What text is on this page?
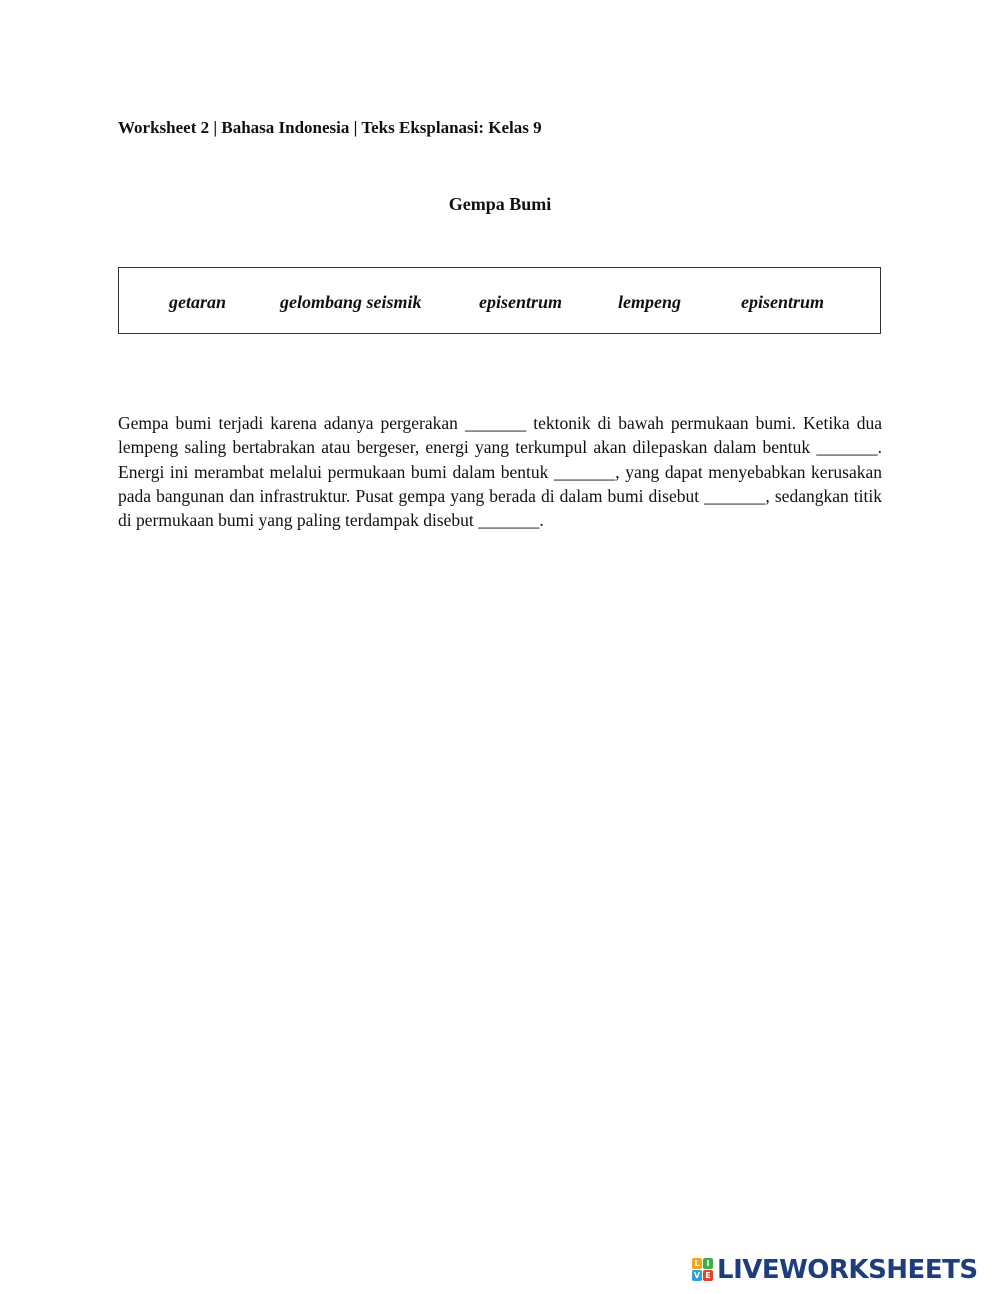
Worksheet 2 | Bahasa Indonesia | Teks Eksplanasi: Kelas 9
Gempa Bumi
getaran	gelombang seismik	episentrum	lempeng	episentrum
Gempa bumi terjadi karena adanya pergerakan _______ tektonik di bawah permukaan bumi. Ketika dua lempeng saling bertabrakan atau bergeser, energi yang terkumpul akan dilepaskan dalam bentuk _______. Energi ini merambat melalui permukaan bumi dalam bentuk _______, yang dapat menyebabkan kerusakan pada bangunan dan infrastruktur. Pusat gempa yang berada di dalam bumi disebut _______, sedangkan titik di permukaan bumi yang paling terdampak disebut _______.
L I
V E LIVEWORKSHEETS
